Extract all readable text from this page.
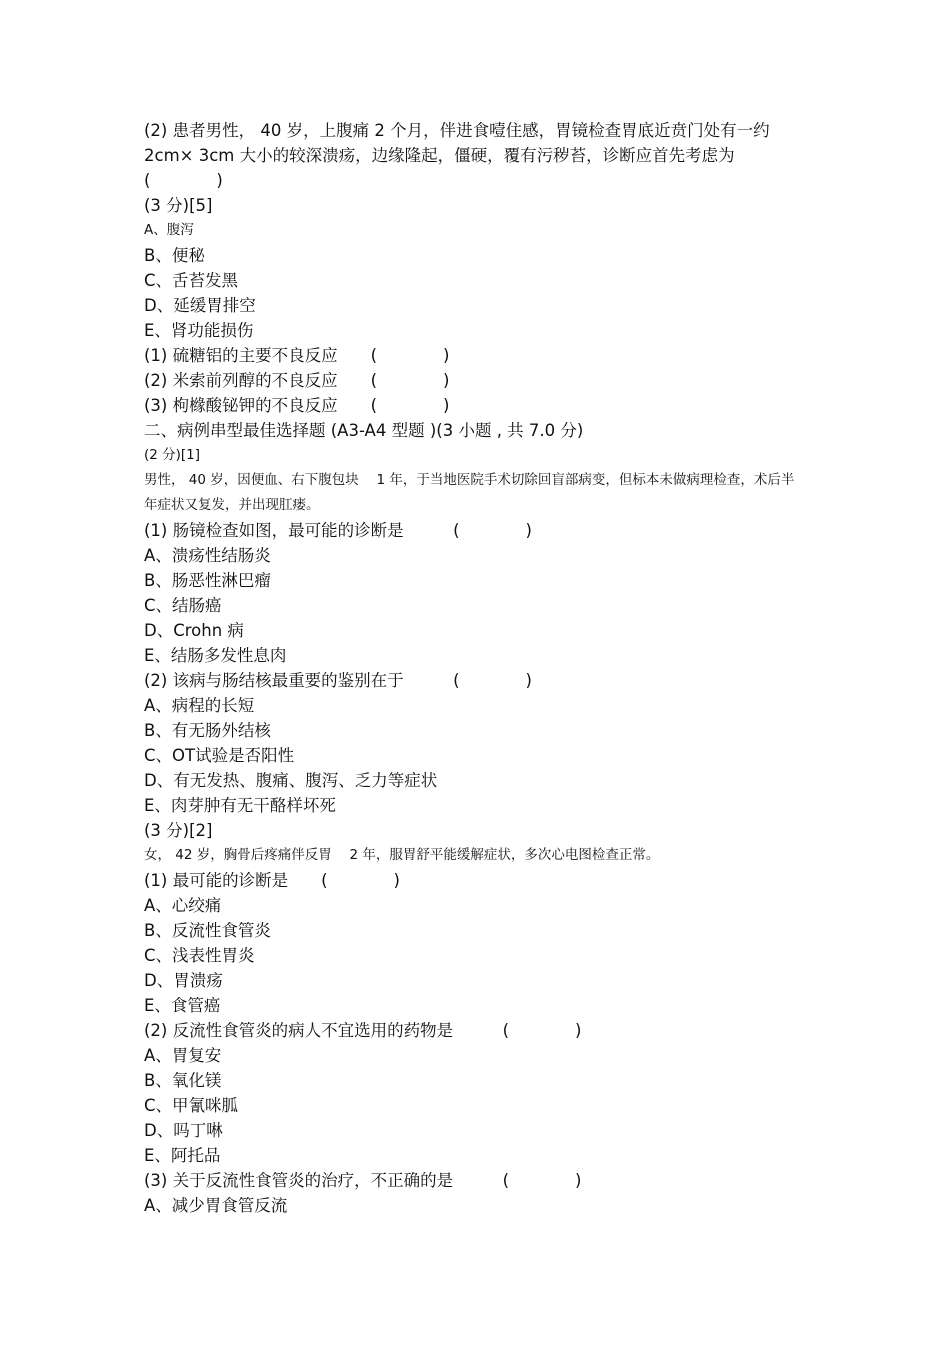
(2) 患者男性， 40 岁，上腹痛 2 个月，伴进食噎住感，胃镜检查胃底近贲门处有一约 2cm× 3cm 大小的较深溃疡，边缘隆起，僵硬，覆有污秽苔，诊断应首先考虑为　　(　　　　)
(3 分)[5]
A、腹泻
B、便秘
C、舌苔发黑
D、延缓胃排空
E、肾功能损伤
(1) 硫糖铝的主要不良反应　　(　　　　)
(2) 米索前列醇的不良反应　　(　　　　)
(3) 枸橼酸铋钾的不良反应　　(　　　　)
二、病例串型最佳选择题 (A3-A4 型题 )(3 小题 , 共 7.0 分)
(2 分)[1]
男性， 40 岁，因便血、右下腹包块　 1 年，于当地医院手术切除回盲部病变，但标本未做病理检查，术后半年症状又复发，并出现肛瘘。
(1) 肠镜检查如图，最可能的诊断是　　　(　　　　)
A、溃疡性结肠炎
B、肠恶性淋巴瘤
C、结肠癌
D、Crohn 病
E、结肠多发性息肉
(2) 该病与肠结核最重要的鉴别在于　　　(　　　　)
A、病程的长短
B、有无肠外结核
C、OT试验是否阳性
D、有无发热、腹痛、腹泻、乏力等症状
E、肉芽肿有无干酪样坏死
(3 分)[2]
女， 42 岁，胸骨后疼痛伴反胃　 2 年，服胃舒平能缓解症状，多次心电图检查正常。
(1) 最可能的诊断是　　(　　　　)
A、心绞痛
B、反流性食管炎
C、浅表性胃炎
D、胃溃疡
E、食管癌
(2) 反流性食管炎的病人不宜选用的药物是　　　(　　　　)
A、胃复安
B、氧化镁
C、甲氰咪胍
D、吗丁啉
E、阿托品
(3) 关于反流性食管炎的治疗，不正确的是　　　(　　　　)
A、减少胃食管反流
